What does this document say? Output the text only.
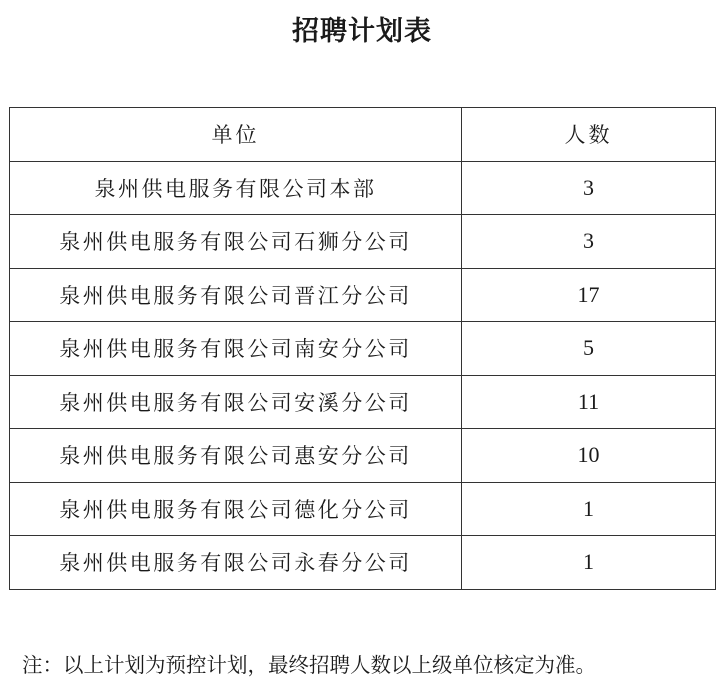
招聘计划表
单位	人数
泉州供电服务有限公司本部	3
泉州供电服务有限公司石狮分公司	3
泉州供电服务有限公司晋江分公司	17
泉州供电服务有限公司南安分公司	5
泉州供电服务有限公司安溪分公司	11
泉州供电服务有限公司惠安分公司	10
泉州供电服务有限公司德化分公司	1
泉州供电服务有限公司永春分公司	1
注：以上计划为预控计划，最终招聘人数以上级单位核定为准。
